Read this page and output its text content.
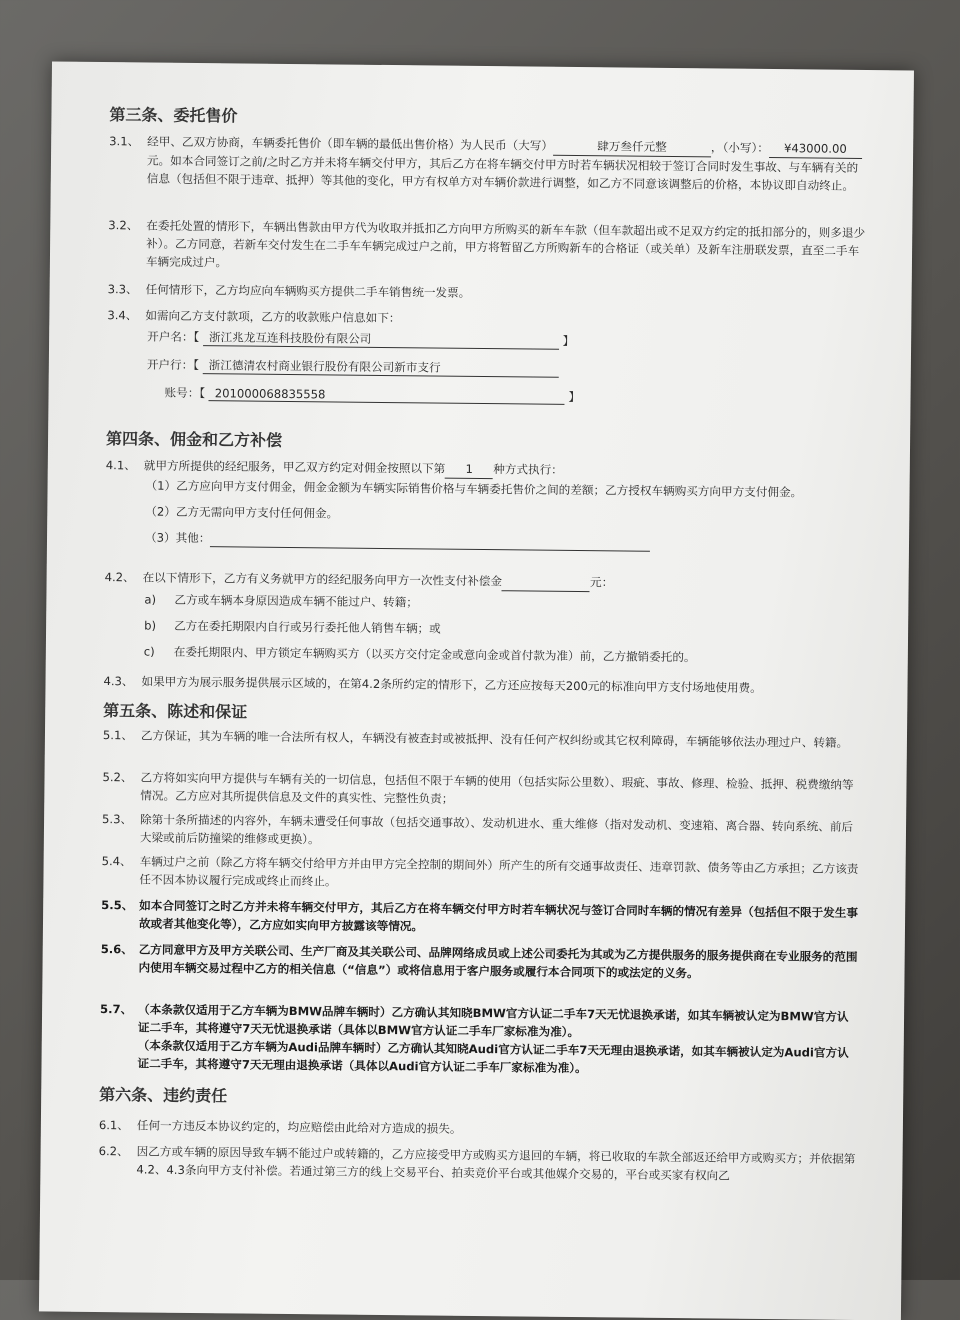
第三条、委托售价
3.1、 经甲、乙双方协商，车辆委托售价（即车辆的最低出售价格）为人民币（大写）	肆万叁仟元整	，（小写）： ¥43000.00元。如本合同签订之前/之时乙方并未将车辆交付甲方，其后乙方在将车辆交付甲方时若车辆状况相较于签订合同时发生事故、与车辆有关的信息（包括但不限于违章、抵押）等其他的变化，甲方有权单方对车辆价款进行调整，如乙方不同意该调整后的价格，本协议即自动终止。
3.2、 在委托处置的情形下，车辆出售款由甲方代为收取并抵扣乙方向甲方所购买的新车车款（但车款超出或不足双方约定的抵扣部分的，则多退少补）。乙方同意，若新车交付发生在二手车车辆完成过户之前，甲方将暂留乙方所购新车的合格证（或关单）及新车注册联发票，直至二手车车辆完成过户。
3.3、 任何情形下，乙方均应向车辆购买方提供二手车销售统一发票。
3.4、 如需向乙方支付款项，乙方的收款账户信息如下：
开户名：【 浙江兆龙互连科技股份有限公司	】
开户行：【 浙江德清农村商业银行股份有限公司新市支行
账号：【 201000068835558	】
第四条、佣金和乙方补偿
4.1、 就甲方所提供的经纪服务，甲乙双方约定对佣金按照以下第 1 种方式执行：
（1）乙方应向甲方支付佣金，佣金金额为车辆实际销售价格与车辆委托售价之间的差额；乙方授权车辆购买方向甲方支付佣金。
（2）乙方无需向甲方支付任何佣金。
（3）其他：
4.2、 在以下情形下，乙方有义务就甲方的经纪服务向甲方一次性支付补偿金	元：
a) 乙方或车辆本身原因造成车辆不能过户、转籍；
b) 乙方在委托期限内自行或另行委托他人销售车辆；或
c) 在委托期限内、甲方锁定车辆购买方（以买方交付定金或意向金或首付款为准）前，乙方撤销委托的。
4.3、 如果甲方为展示服务提供展示区域的，在第4.2条所约定的情形下，乙方还应按每天200元的标准向甲方支付场地使用费。
第五条、陈述和保证
5.1、 乙方保证，其为车辆的唯一合法所有权人，车辆没有被查封或被抵押、没有任何产权纠纷或其它权利障碍，车辆能够依法办理过户、转籍。
5.2、 乙方将如实向甲方提供与车辆有关的一切信息，包括但不限于车辆的使用（包括实际公里数）、瑕疵、事故、修理、检验、抵押、税费缴纳等情况。乙方应对其所提供信息及文件的真实性、完整性负责；
5.3、 除第十条所描述的内容外，车辆未遭受任何事故（包括交通事故）、发动机进水、重大维修（指对发动机、变速箱、离合器、转向系统、前后大梁或前后防撞梁的维修或更换）。
5.4、 车辆过户之前（除乙方将车辆交付给甲方并由甲方完全控制的期间外）所产生的所有交通事故责任、违章罚款、债务等由乙方承担；乙方该责任不因本协议履行完成或终止而终止。
5.5、 如本合同签订之时乙方并未将车辆交付甲方，其后乙方在将车辆交付甲方时若车辆状况与签订合同时车辆的情况有差异（包括但不限于发生事故或者其他变化等），乙方应如实向甲方披露该等情况。
5.6、 乙方同意甲方及甲方关联公司、生产厂商及其关联公司、品牌网络成员或上述公司委托为其或为乙方提供服务的服务提供商在专业服务的范围内使用车辆交易过程中乙方的相关信息（“信息”）或将信息用于客户服务或履行本合同项下的或法定的义务。
5.7、 （本条款仅适用于乙方车辆为BMW品牌车辆时）乙方确认其知晓BMW官方认证二手车7天无忧退换承诺，如其车辆被认定为BMW官方认证二手车，其将遵守7天无忧退换承诺（具体以BMW官方认证二手车厂家标准为准）。
（本条款仅适用于乙方车辆为Audi品牌车辆时）乙方确认其知晓Audi官方认证二手车7天无理由退换承诺，如其车辆被认定为Audi官方认证二手车，其将遵守7天无理由退换承诺（具体以Audi官方认证二手车厂家标准为准）。
第六条、违约责任
6.1、 任何一方违反本协议约定的，均应赔偿由此给对方造成的损失。
6.2、 因乙方或车辆的原因导致车辆不能过户或转籍的，乙方应接受甲方或购买方退回的车辆，将已收取的车款全部返还给甲方或购买方；并依据第4.2、4.3条向甲方支付补偿。若通过第三方的线上交易平台、拍卖竞价平台或其他媒介交易的，平台或买家有权向乙
